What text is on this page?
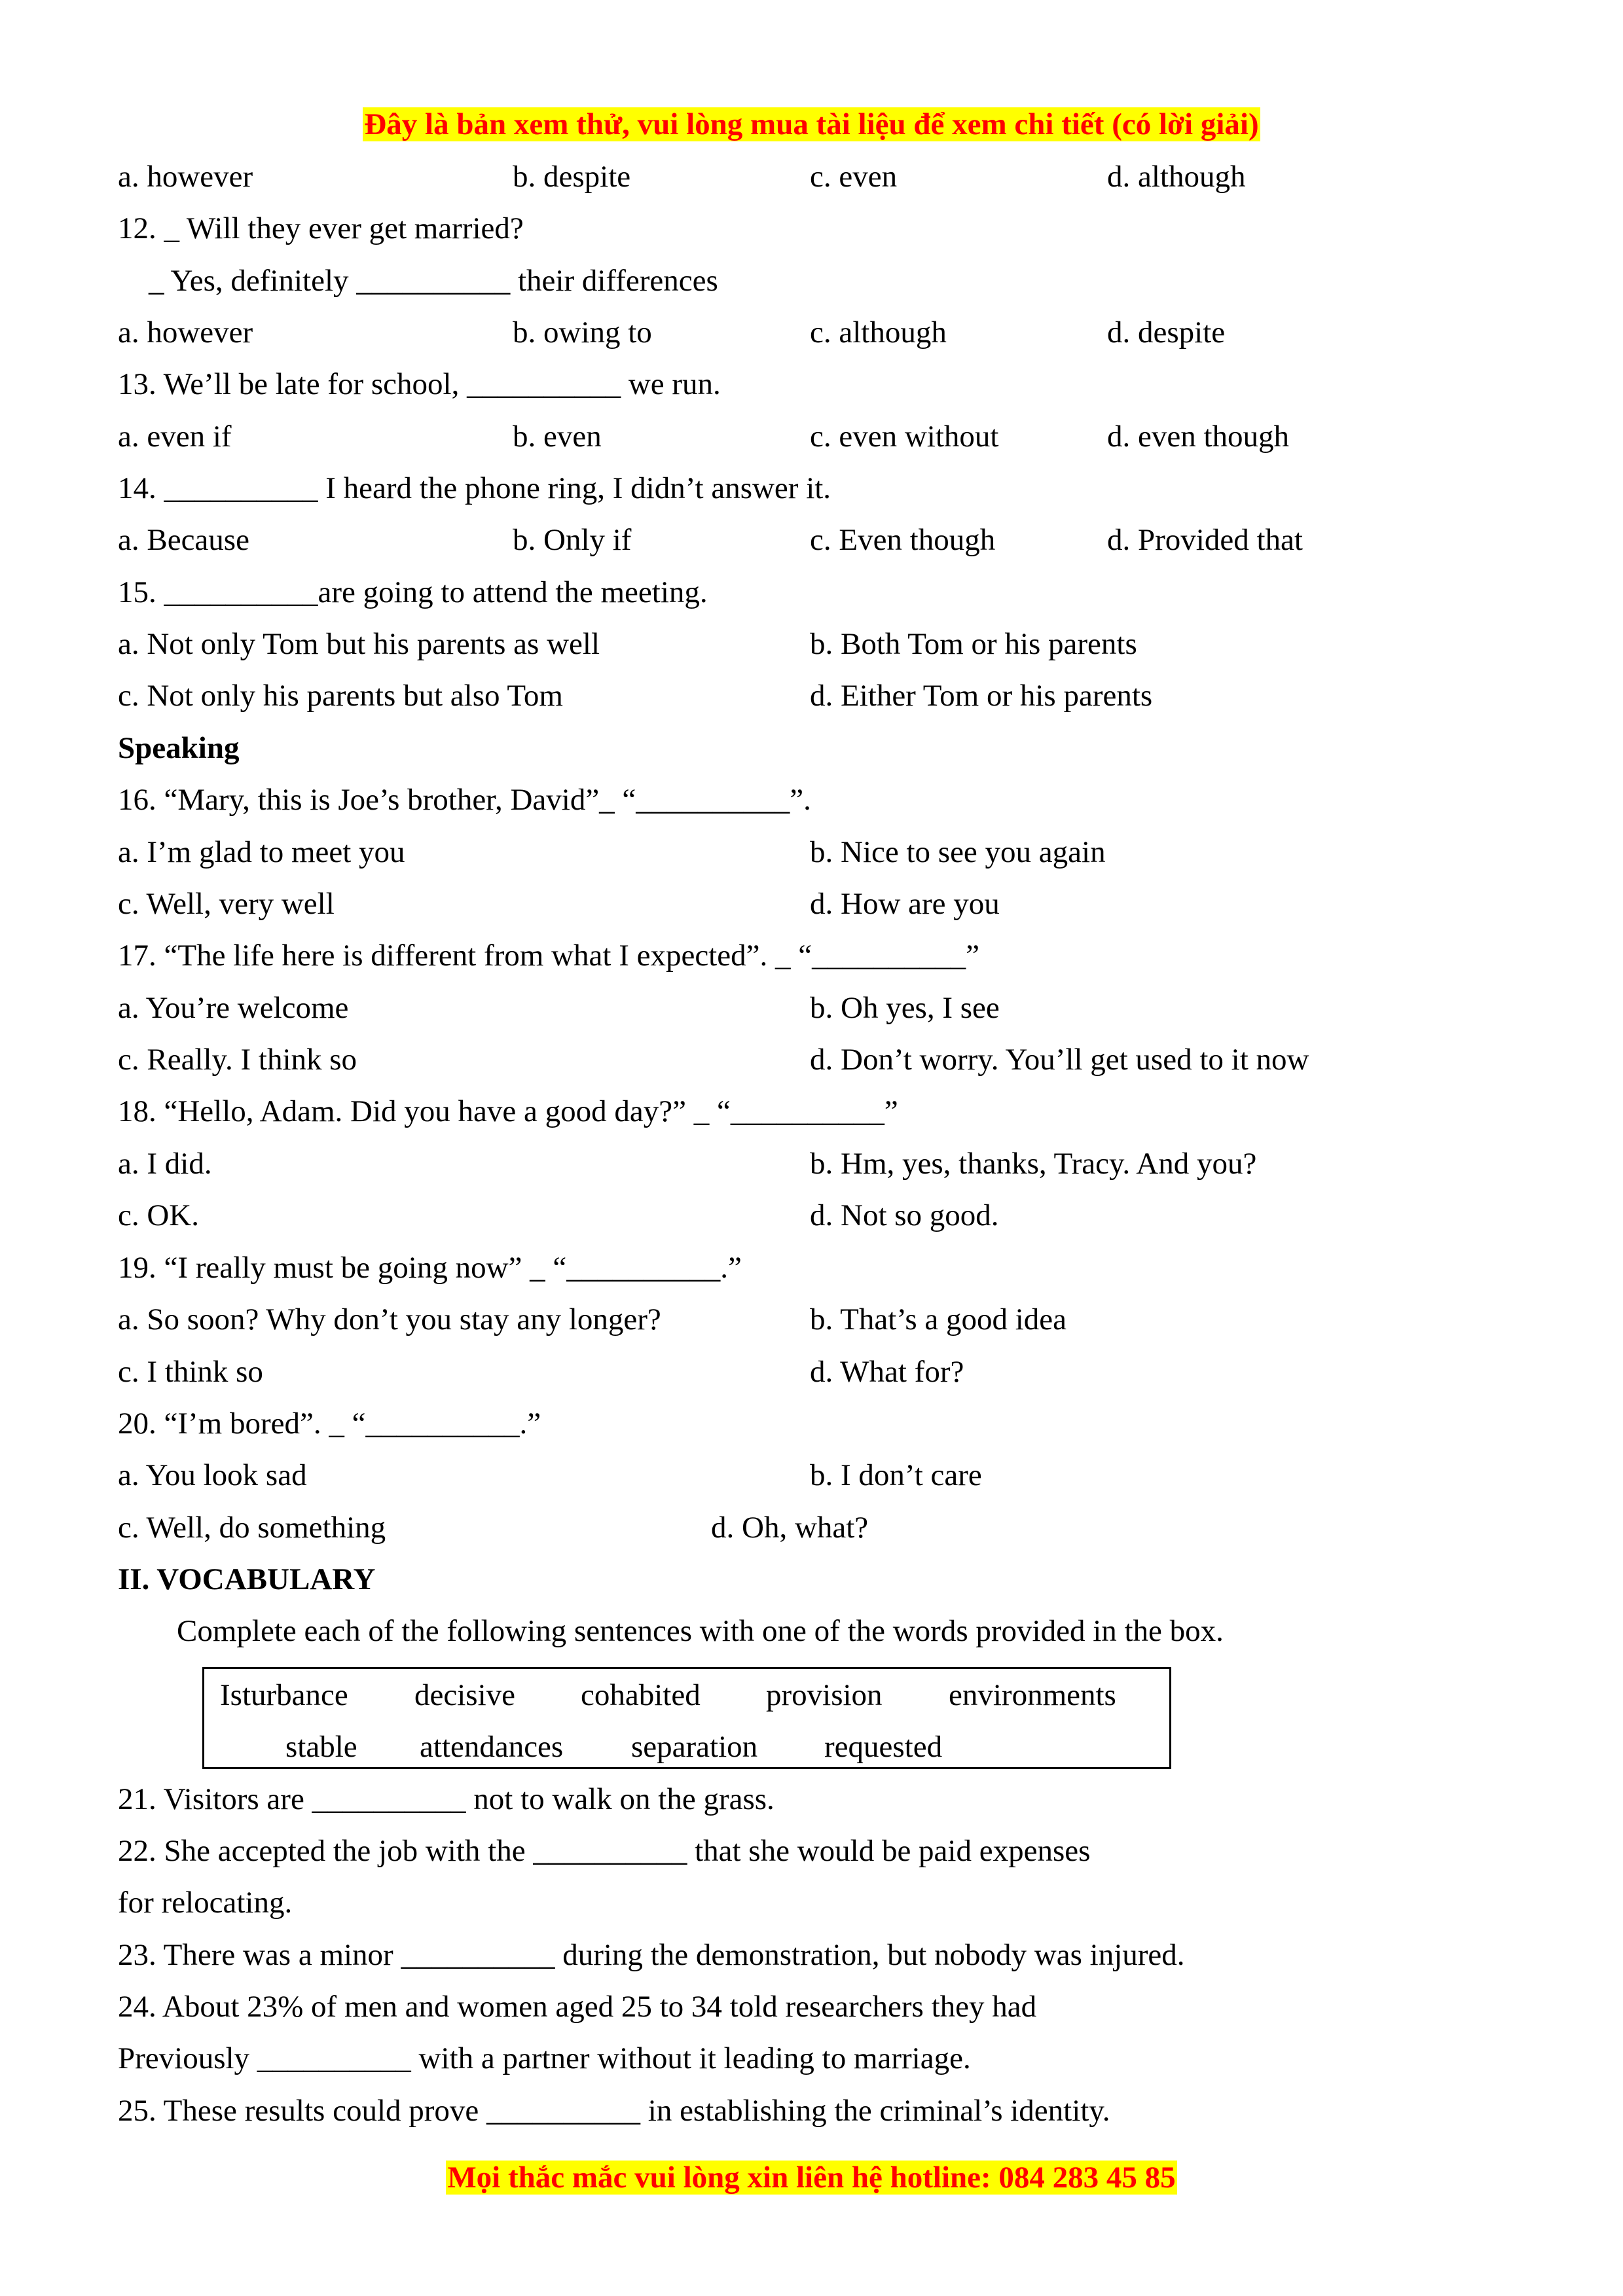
Đây là bản xem thử, vui lòng mua tài liệu để xem chi tiết (có lời giải)
a. however	b. despite	c. even	d. although
12. _ Will they ever get married?
_ Yes, definitely __________ their differences
a. however	b. owing to	c. although	d. despite
13. We’ll be late for school, __________ we run.
a. even if	b. even	c. even without	d. even though
14. __________ I heard the phone ring, I didn’t answer it.
a. Because	b. Only if	c. Even though	d. Provided that
15. __________are going to attend the meeting.
a. Not only Tom but his parents as well	b. Both Tom or his parents
c. Not only his parents but also Tom	d. Either Tom or his parents
Speaking
16. “Mary, this is Joe’s brother, David”_ “__________”.
a. I’m glad to meet you	b. Nice to see you again
c. Well, very well	d. How are you
17. “The life here is different from what I expected”. _ “__________”
a. You’re welcome	b. Oh yes, I see
c. Really. I think so	d. Don’t worry. You’ll get used to it now
18. “Hello, Adam. Did you have a good day?” _ “__________”
a. I did.	b. Hm, yes, thanks, Tracy. And you?
c. OK.	d. Not so good.
19. “I really must be going now” _ “__________.”
a. So soon? Why don’t you stay any longer?	b. That’s a good idea
c. I think so	d. What for?
20. “I’m bored”. _ “__________.”
a. You look sad	b. I don’t care
c. Well, do something	d. Oh, what?
II. VOCABULARY
Complete each of the following sentences with one of the words provided in the box.
Isturbance decisive cohabited provision environments
stable attendances separation requested
21. Visitors are __________ not to walk on the grass.
22. She accepted the job with the __________ that she would be paid expenses
for relocating.
23. There was a minor __________ during the demonstration, but nobody was injured.
24. About 23% of men and women aged 25 to 34 told researchers they had
Previously __________ with a partner without it leading to marriage.
25. These results could prove __________ in establishing the criminal’s identity.
Mọi thắc mắc vui lòng xin liên hệ hotline: 084 283 45 85
